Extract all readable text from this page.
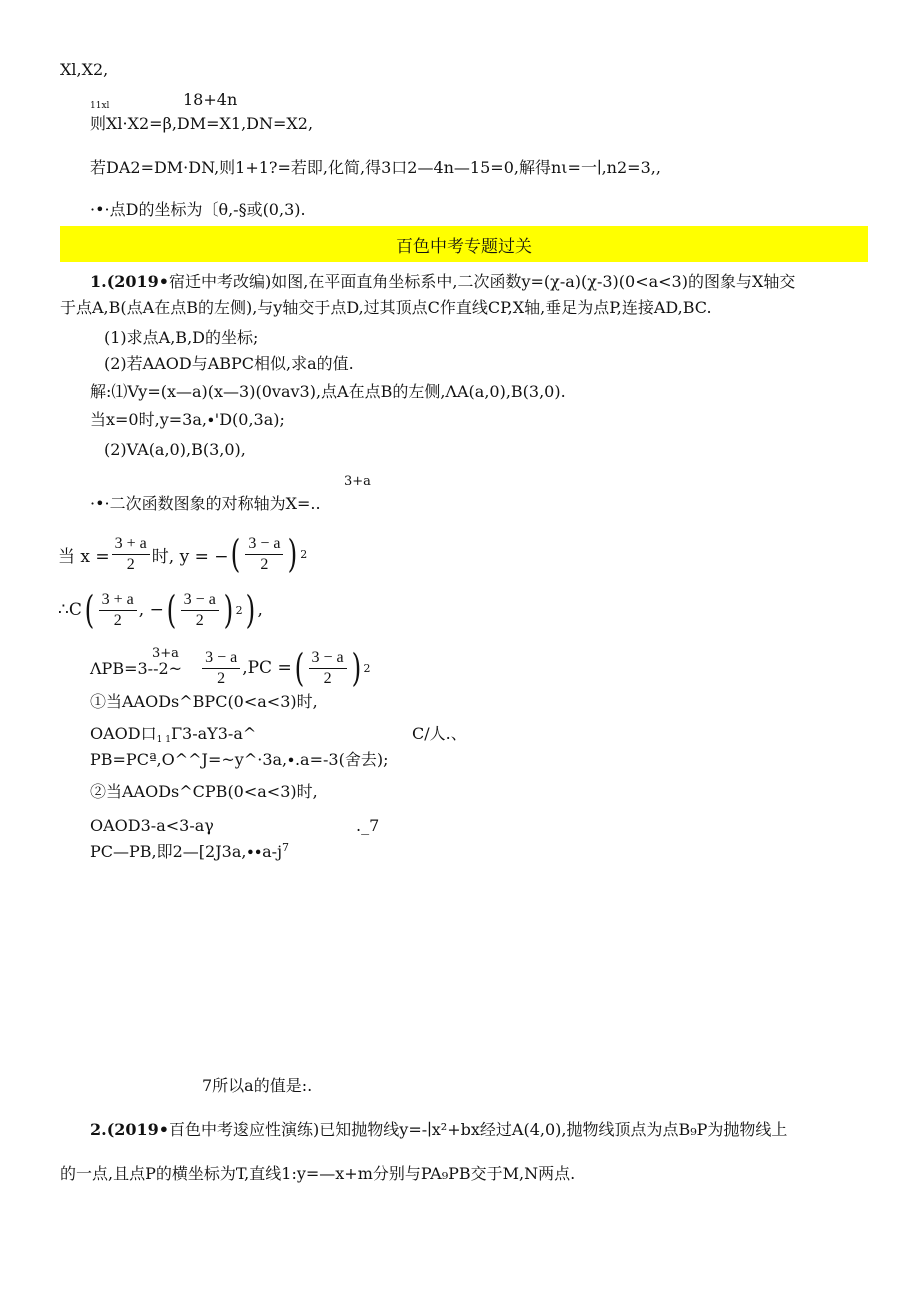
Xl,X2,
11xl	18+4n
则Xl·X2=β,DM=X1,DN=X2,
若DA2=DM·DN,则1+1?=若即,化简,得3口2—4n—15=0,解得nι=一∣,n2=3,,
·•·点D的坐标为〔θ,-§或(0,3).
百色中考专题过关
1.(2019•宿迁中考改编)如图,在平面直角坐标系中,二次函数y=(χ-a)(χ-3)(0<a<3)的图象与X轴交
于点A,B(点A在点B的左侧),与y轴交于点D,过其顶点C作直线CP,X轴,垂足为点P,连接AD,BC.
(1)求点A,B,D的坐标;
(2)若AAOD与ABPC相似,求a的值.
解:⑴Vy=(x—a)(x—3)(0vav3),点A在点B的左侧,ΛA(a,0),B(3,0).
当x=0时,y=3a,∙'D(0,3a);
(2)VA(a,0),B(3,0),
3+a
·•·二次函数图象的对称轴为X=..
当 $x = \frac{3 + a}{2}$ 时, y = − ( $\frac{3 - a}{2}$ ) 2
∴C ( $\frac{3 + a}{2}$ , − ( $\frac{3 - a}{2}$ ) 2 ) ,
3+a
ΛPB=3--2~ $\frac{3 - a}{2} ,PC$ = ( $\frac{3 - a}{2}$ ) 2
①当AAODs^BPC(0<a<3)时,
OAOD口1 1Γ3-aY3-a^	C/人.、
PB=PCª,O^^J=~y^·3a,∙.a=-3(舍去);
②当AAODs^CPB(0<a<3)时,
OAOD3-a<3-aγ	._7
PC—PB,即$2—[2J3a,\cdot\cdot a-j^7$
7所以a的值是:.
2.(2019•百色中考逡应性演练)已知抛物线y=-∣x²+bx经过A(4,0),抛物线顶点为点B₉P为抛物线上
的一点,且点P的横坐标为T,直线1:y=—x+m分别与PA₉PB交于M,N两点.
